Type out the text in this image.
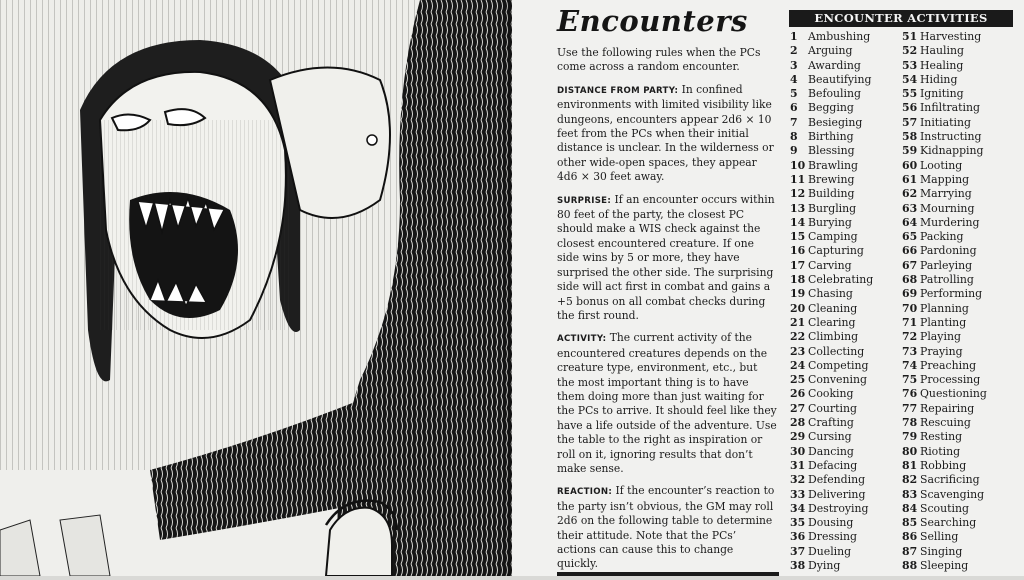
Encounters

Use the following rules when the PCs come across a random encounter.

DISTANCE FROM PARTY: In confined environments with limited visibility like dungeons, encounters appear 2d6 × 10 feet from the PCs when their initial distance is unclear. In the wilderness or other wide-open spaces, they appear 4d6 × 30 feet away.

SURPRISE: If an encounter occurs within 80 feet of the party, the closest PC should make a WIS check against the closest encountered creature. If one side wins by 5 or more, they have surprised the other side. The surprising side will act first in combat and gains a +5 bonus on all combat checks during the first round.

ACTIVITY: The current activity of the encountered creatures depends on the creature type, environment, etc., but the most important thing is to have them doing more than just waiting for the PCs to arrive. It should feel like they have a life outside of the adventure. Use the table to the right as inspiration or roll on it, ignoring results that don’t make sense.

REACTION: If the encounter’s reaction to the party isn’t obvious, the GM may roll 2d6 on the following table to determine their attitude. Note that the PCs’ actions can cause this to change quickly.

ENCOUNTER ACTIVITIES
1 Ambushing
2 Arguing
3 Awarding
4 Beautifying
5 Befouling
6 Begging
7 Besieging
8 Birthing
9 Blessing
10 Brawling
11 Brewing
12 Building
13 Burgling
14 Burying
15 Camping
16 Capturing
17 Carving
18 Celebrating
19 Chasing
20 Cleaning
21 Clearing
22 Climbing
23 Collecting
24 Competing
25 Convening
26 Cooking
27 Courting
28 Crafting
29 Cursing
30 Dancing
31 Defacing
32 Defending
33 Delivering
34 Destroying
35 Dousing
36 Dressing
37 Dueling
38 Dying
51 Harvesting
52 Hauling
53 Healing
54 Hiding
55 Igniting
56 Infiltrating
57 Initiating
58 Instructing
59 Kidnapping
60 Looting
61 Mapping
62 Marrying
63 Mourning
64 Murdering
65 Packing
66 Pardoning
67 Parleying
68 Patrolling
69 Performing
70 Planning
71 Planting
72 Playing
73 Praying
74 Preaching
75 Processing
76 Questioning
77 Repairing
78 Rescuing
79 Resting
80 Rioting
81 Robbing
82 Sacrificing
83 Scavenging
84 Scouting
85 Searching
86 Selling
87 Singing
88 Sleeping
